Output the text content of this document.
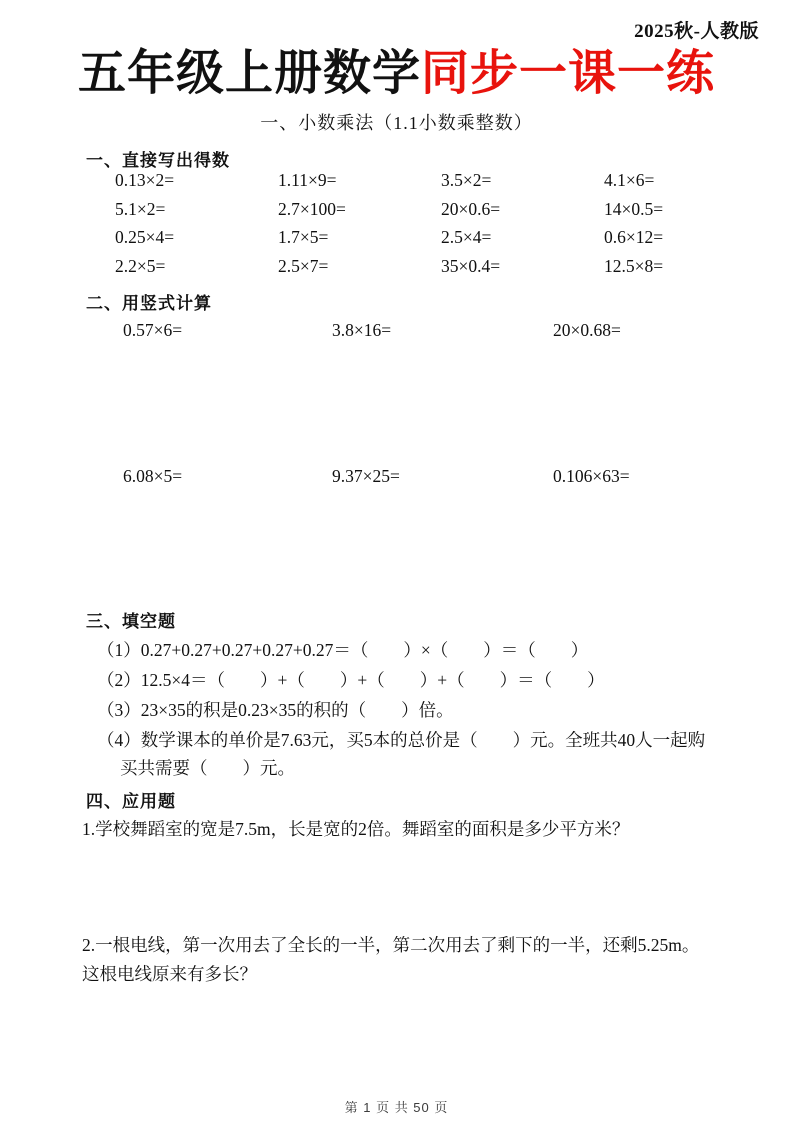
2025秋-人教版
五年级上册数学同步一课一练
一、小数乘法（1.1小数乘整数）
一、直接写出得数
0.13×2=	1.11×9=	3.5×2=	4.1×6=
5.1×2=	2.7×100=	20×0.6=	14×0.5=
0.25×4=	1.7×5=	2.5×4=	0.6×12=
2.2×5=	2.5×7=	35×0.4=	12.5×8=
二、用竖式计算
0.57×6=	3.8×16=	20×0.68=
6.08×5=	9.37×25=	0.106×63=
三、填空题
（1）0.27+0.27+0.27+0.27+0.27＝（　　）×（　　）＝（　　）
（2）12.5×4＝（　　）+（　　）+（　　）+（　　）＝（　　）
（3）23×35的积是0.23×35的积的（　　）倍。
（4）数学课本的单价是7.63元，买5本的总价是（　　）元。全班共40人一起购
买共需要（　　）元。
四、应用题
1.学校舞蹈室的宽是7.5m，长是宽的2倍。舞蹈室的面积是多少平方米？
2.一根电线，第一次用去了全长的一半，第二次用去了剩下的一半，还剩5.25m。
这根电线原来有多长？
第 1 页 共 50 页
